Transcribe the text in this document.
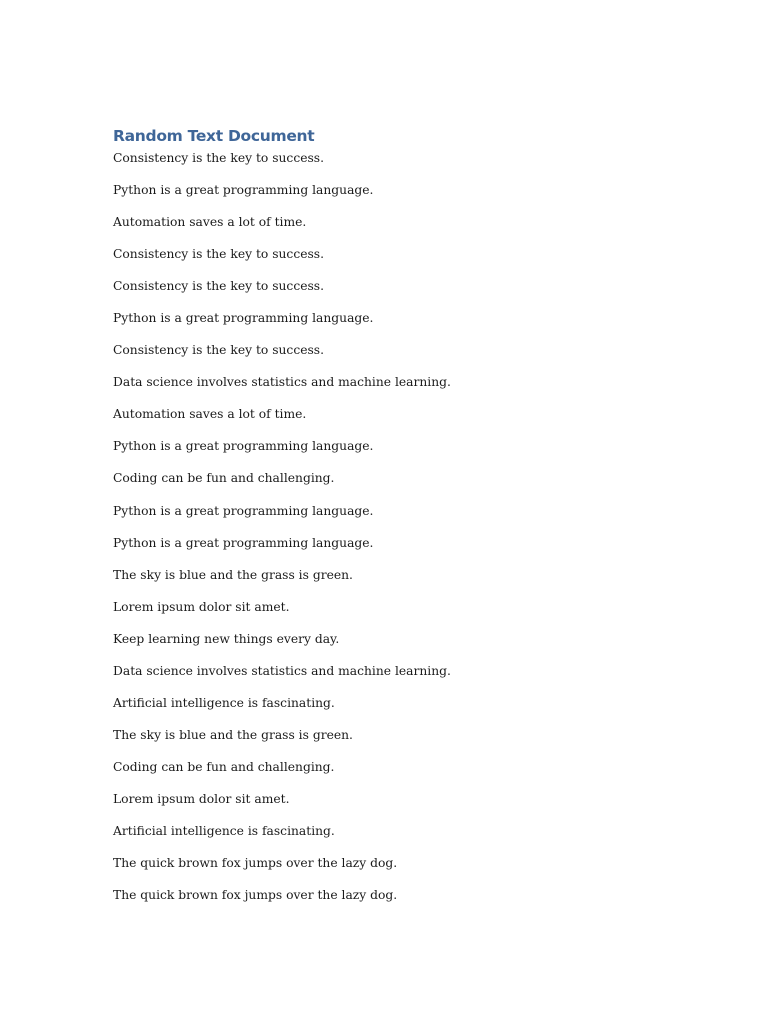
Random Text Document
Consistency is the key to success.
Python is a great programming language.
Automation saves a lot of time.
Consistency is the key to success.
Consistency is the key to success.
Python is a great programming language.
Consistency is the key to success.
Data science involves statistics and machine learning.
Automation saves a lot of time.
Python is a great programming language.
Coding can be fun and challenging.
Python is a great programming language.
Python is a great programming language.
The sky is blue and the grass is green.
Lorem ipsum dolor sit amet.
Keep learning new things every day.
Data science involves statistics and machine learning.
Artificial intelligence is fascinating.
The sky is blue and the grass is green.
Coding can be fun and challenging.
Lorem ipsum dolor sit amet.
Artificial intelligence is fascinating.
The quick brown fox jumps over the lazy dog.
The quick brown fox jumps over the lazy dog.
